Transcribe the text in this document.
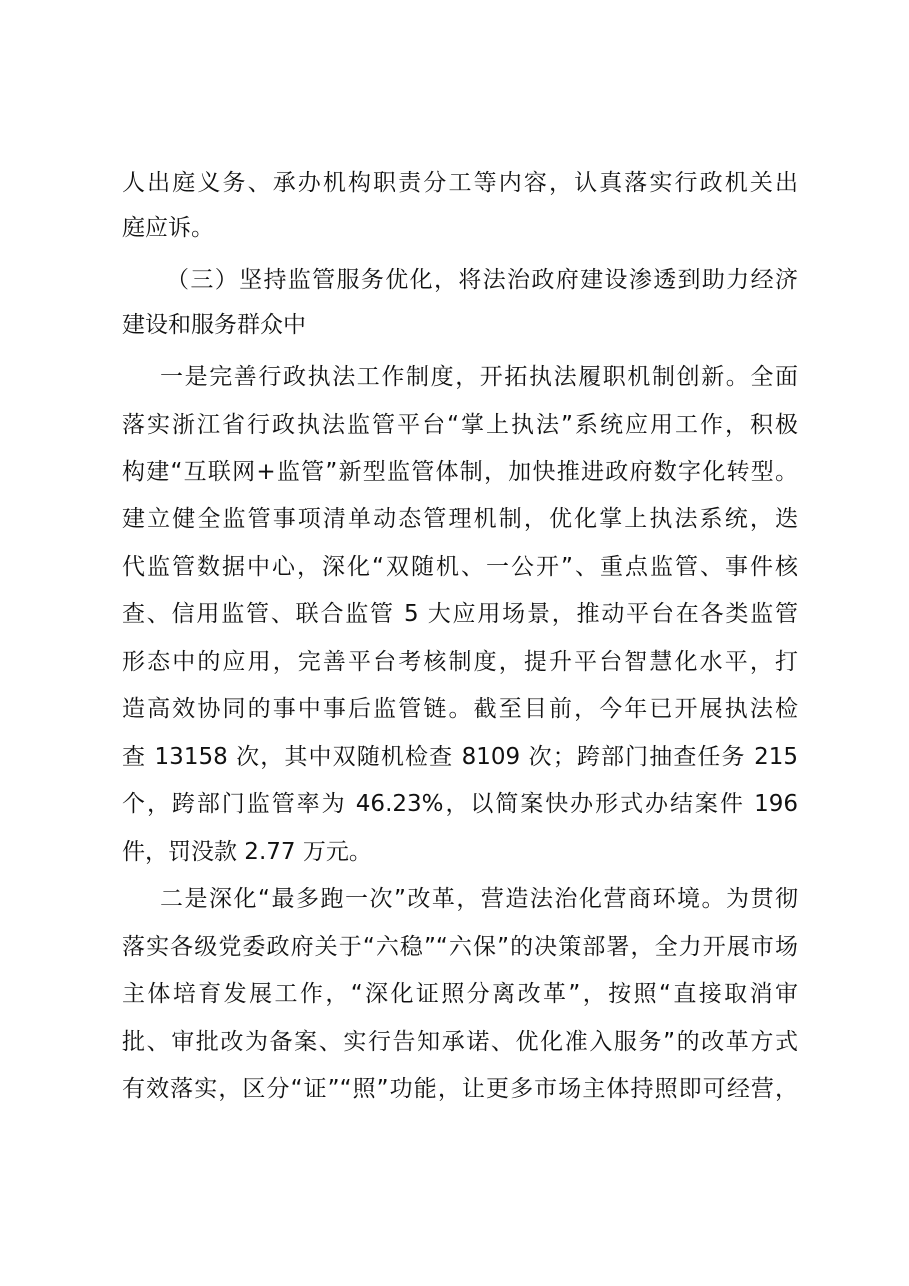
人出庭义务、承办机构职责分工等内容，认真落实行政机关出
庭应诉。
（三）坚持监管服务优化，将法治政府建设渗透到助力经济
建设和服务群众中
一是完善行政执法工作制度，开拓执法履职机制创新。全面
落实浙江省行政执法监管平台“掌上执法”系统应用工作，积极
构建“互联网+监管”新型监管体制，加快推进政府数字化转型。
建立健全监管事项清单动态管理机制，优化掌上执法系统，迭
代监管数据中心，深化“双随机、一公开”、重点监管、事件核
查、信用监管、联合监管 5 大应用场景，推动平台在各类监管
形态中的应用，完善平台考核制度，提升平台智慧化水平，打
造高效协同的事中事后监管链。截至目前，今年已开展执法检
查 13158 次，其中双随机检查 8109 次；跨部门抽查任务 215
个，跨部门监管率为 46.23%，以简案快办形式办结案件 196
件，罚没款 2.77 万元。
二是深化“最多跑一次”改革，营造法治化营商环境。为贯彻
落实各级党委政府关于“六稳”“六保”的决策部署，全力开展市场
主体培育发展工作，“深化证照分离改革”，按照“直接取消审
批、审批改为备案、实行告知承诺、优化准入服务”的改革方式
有效落实，区分“证”“照”功能，让更多市场主体持照即可经营，
